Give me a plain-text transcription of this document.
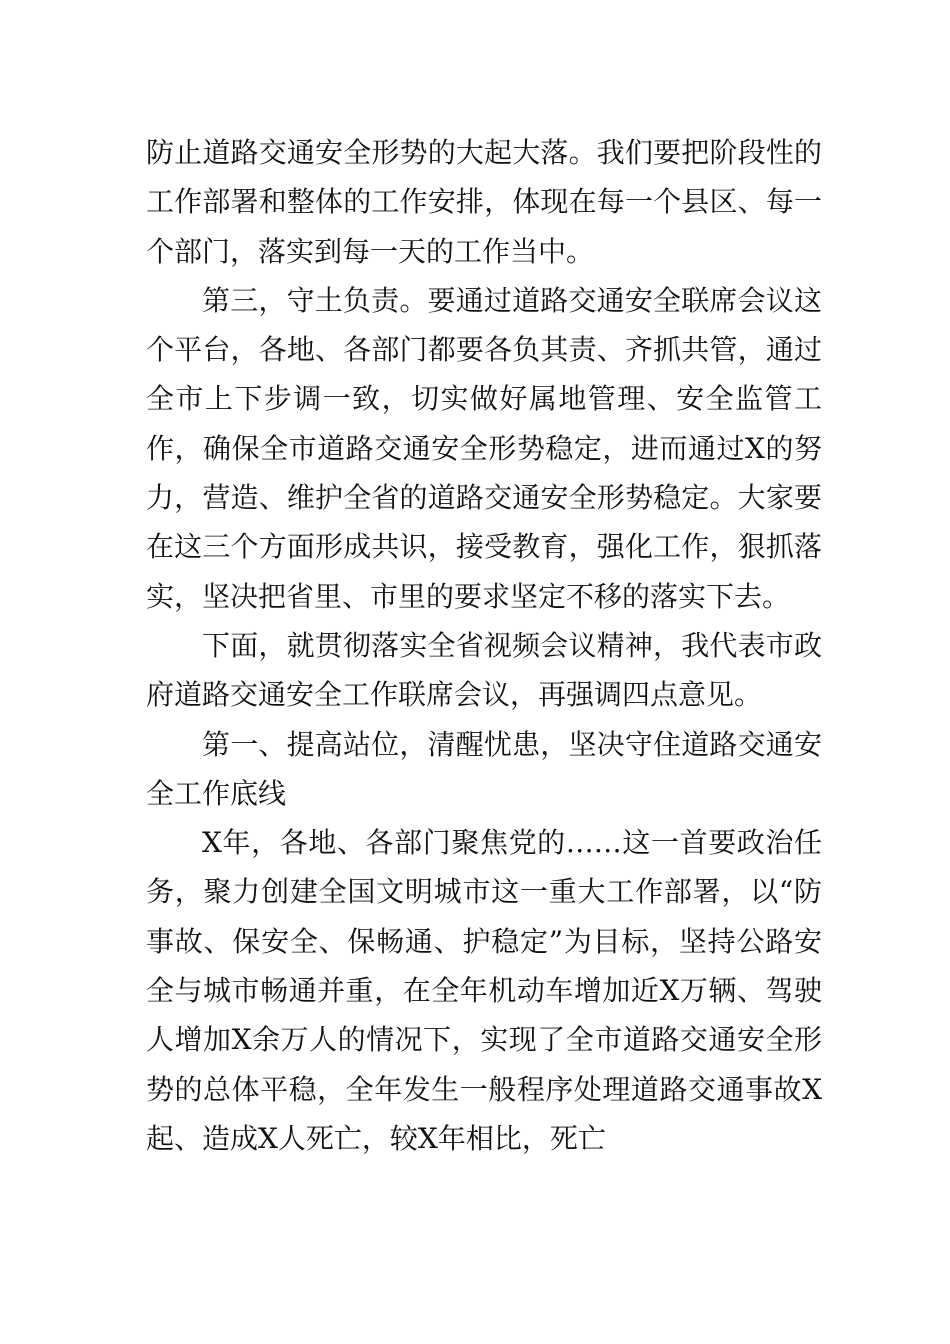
防止道路交通安全形势的大起大落。我们要把阶段性的工作部署和整体的工作安排，体现在每一个县区、每一个部门，落实到每一天的工作当中。

第三，守土负责。要通过道路交通安全联席会议这个平台，各地、各部门都要各负其责、齐抓共管，通过全市上下步调一致，切实做好属地管理、安全监管工作，确保全市道路交通安全形势稳定，进而通过X的努力，营造、维护全省的道路交通安全形势稳定。大家要在这三个方面形成共识，接受教育，强化工作，狠抓落实，坚决把省里、市里的要求坚定不移的落实下去。

下面，就贯彻落实全省视频会议精神，我代表市政府道路交通安全工作联席会议，再强调四点意见。

第一、提高站位，清醒忧患，坚决守住道路交通安全工作底线

X年，各地、各部门聚焦党的……这一首要政治任务，聚力创建全国文明城市这一重大工作部署，以“防事故、保安全、保畅通、护稳定”为目标，坚持公路安全与城市畅通并重，在全年机动车增加近X万辆、驾驶人增加X余万人的情况下，实现了全市道路交通安全形势的总体平稳，全年发生一般程序处理道路交通事故X起、造成X人死亡，较X年相比，死亡
